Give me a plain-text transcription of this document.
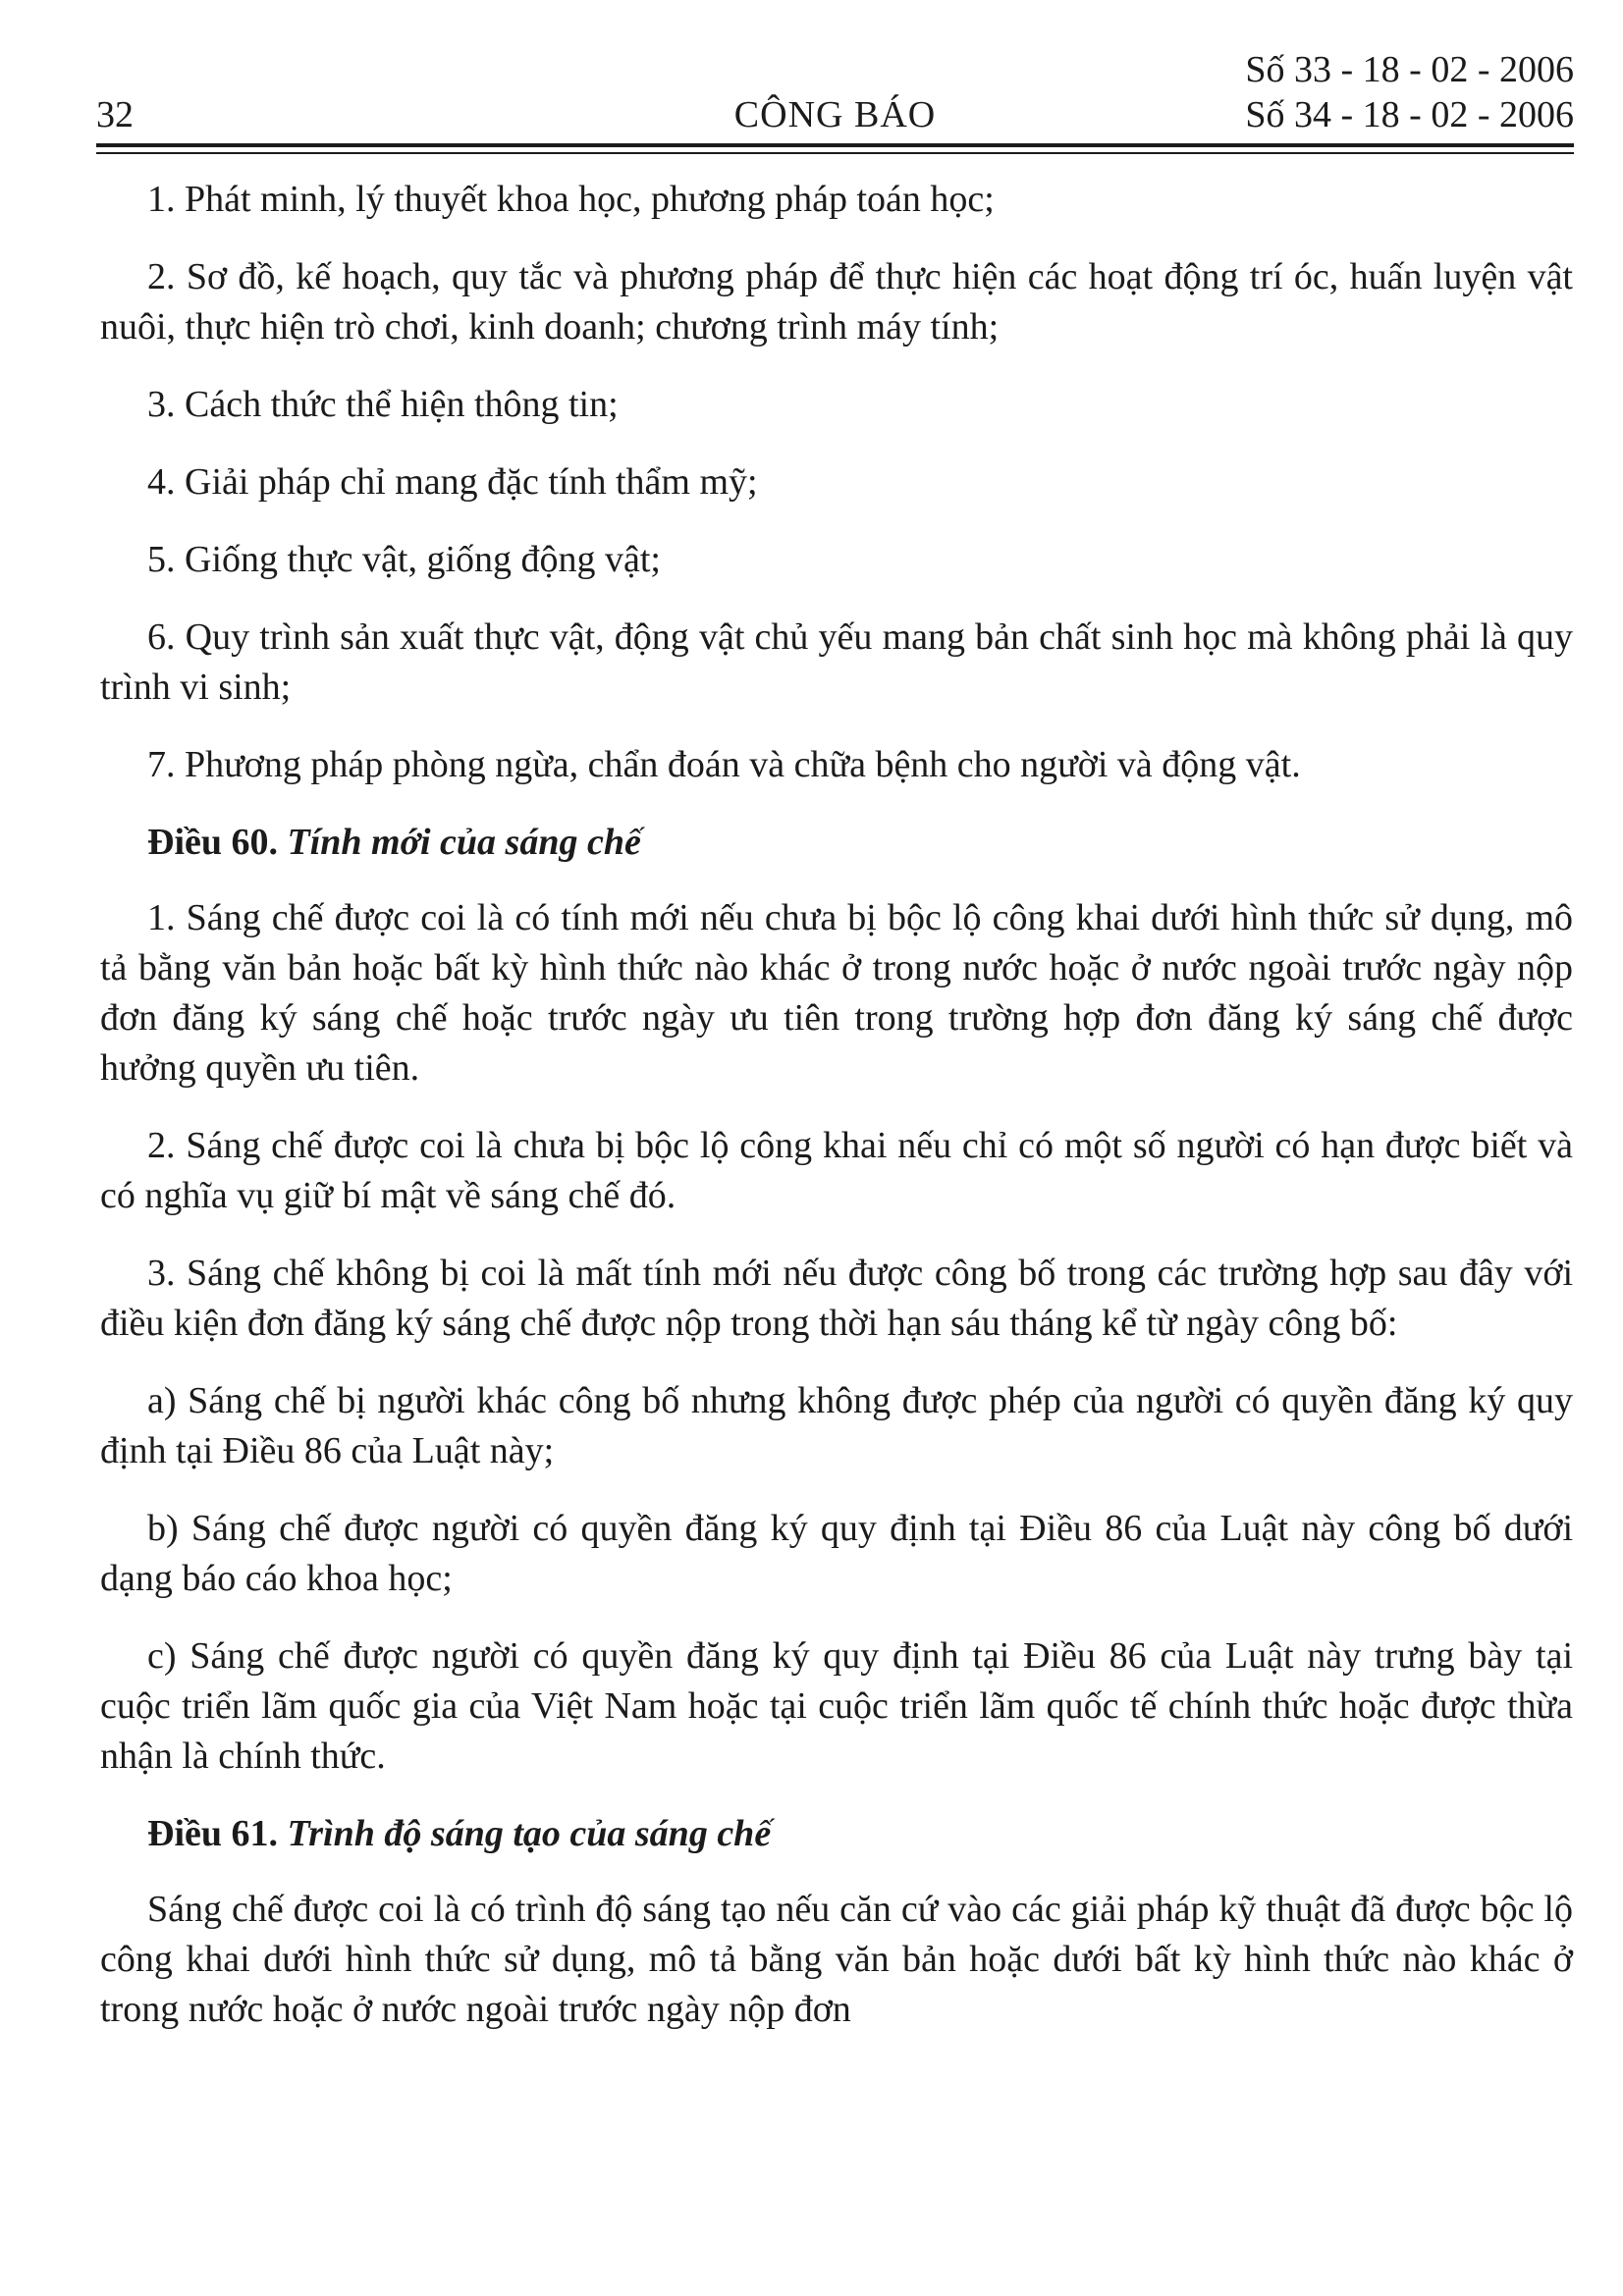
32	CÔNG BÁO
Số 33 - 18 - 02 - 2006
Số 34 - 18 - 02 - 2006

1. Phát minh, lý thuyết khoa học, phương pháp toán học;

2. Sơ đồ, kế hoạch, quy tắc và phương pháp để thực hiện các hoạt động trí óc, huấn luyện vật nuôi, thực hiện trò chơi, kinh doanh; chương trình máy tính;

3. Cách thức thể hiện thông tin;

4. Giải pháp chỉ mang đặc tính thẩm mỹ;

5. Giống thực vật, giống động vật;

6. Quy trình sản xuất thực vật, động vật chủ yếu mang bản chất sinh học mà không phải là quy trình vi sinh;

7. Phương pháp phòng ngừa, chẩn đoán và chữa bệnh cho người và động vật.

Điều 60. Tính mới của sáng chế

1. Sáng chế được coi là có tính mới nếu chưa bị bộc lộ công khai dưới hình thức sử dụng, mô tả bằng văn bản hoặc bất kỳ hình thức nào khác ở trong nước hoặc ở nước ngoài trước ngày nộp đơn đăng ký sáng chế hoặc trước ngày ưu tiên trong trường hợp đơn đăng ký sáng chế được hưởng quyền ưu tiên.

2. Sáng chế được coi là chưa bị bộc lộ công khai nếu chỉ có một số người có hạn được biết và có nghĩa vụ giữ bí mật về sáng chế đó.

3. Sáng chế không bị coi là mất tính mới nếu được công bố trong các trường hợp sau đây với điều kiện đơn đăng ký sáng chế được nộp trong thời hạn sáu tháng kể từ ngày công bố:

a) Sáng chế bị người khác công bố nhưng không được phép của người có quyền đăng ký quy định tại Điều 86 của Luật này;

b) Sáng chế được người có quyền đăng ký quy định tại Điều 86 của Luật này công bố dưới dạng báo cáo khoa học;

c) Sáng chế được người có quyền đăng ký quy định tại Điều 86 của Luật này trưng bày tại cuộc triển lãm quốc gia của Việt Nam hoặc tại cuộc triển lãm quốc tế chính thức hoặc được thừa nhận là chính thức.

Điều 61. Trình độ sáng tạo của sáng chế

Sáng chế được coi là có trình độ sáng tạo nếu căn cứ vào các giải pháp kỹ thuật đã được bộc lộ công khai dưới hình thức sử dụng, mô tả bằng văn bản hoặc dưới bất kỳ hình thức nào khác ở trong nước hoặc ở nước ngoài trước ngày nộp đơn
